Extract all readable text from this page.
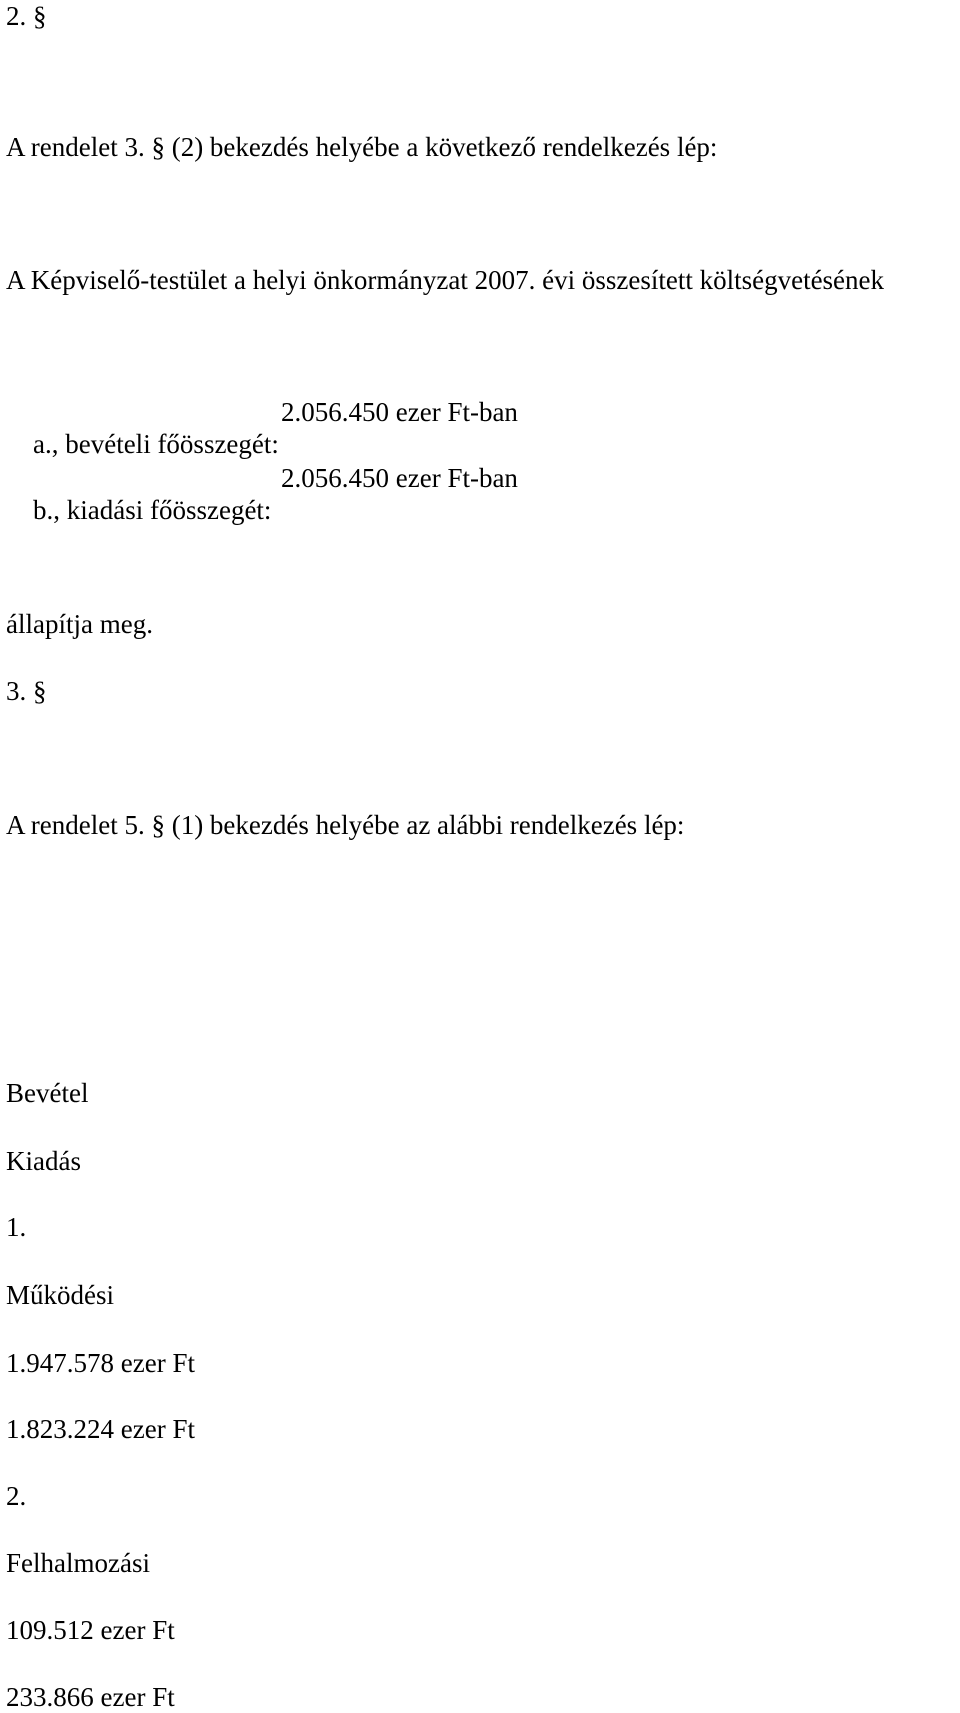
2. §
A rendelet 3. § (2) bekezdés helyébe a következő rendelkezés lép:
A Képviselő-testület a helyi önkormányzat 2007. évi összesített költségvetésének

a., bevételi főösszegét:

2.056.450 ezer Ft-ban

b., kiadási főösszegét:

2.056.450 ezer Ft-ban

állapítja meg.
3. §
A rendelet 5. § (1) bekezdés helyébe az alábbi rendelkezés lép:
Bevétel
Kiadás
1.
Működési
1.947.578 ezer Ft
1.823.224 ezer Ft
2.
Felhalmozási
109.512 ezer Ft
233.866 ezer Ft
